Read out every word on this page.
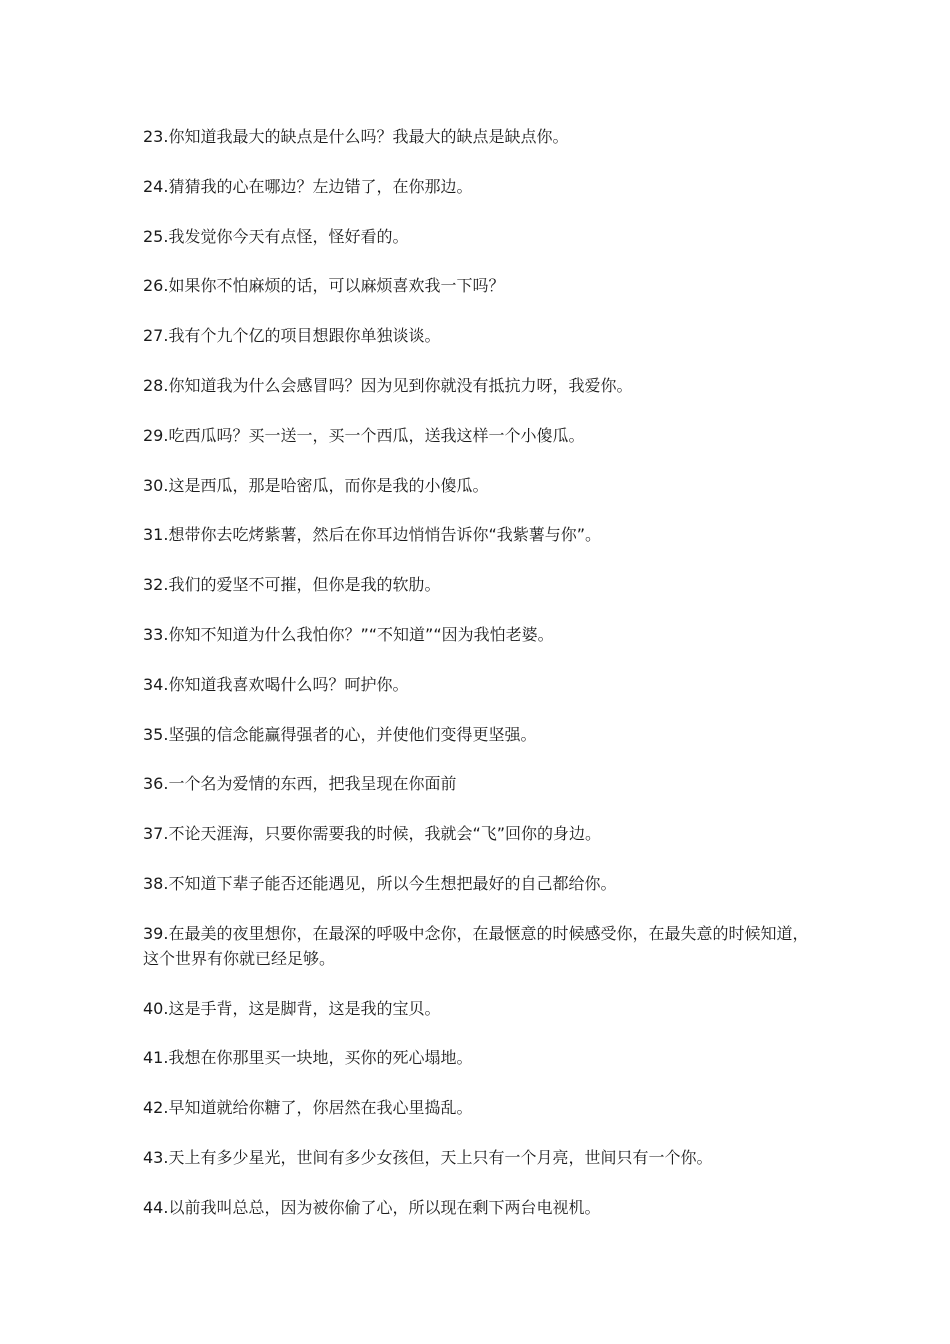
23.你知道我最大的缺点是什么吗？我最大的缺点是缺点你。

24.猜猜我的心在哪边？左边错了，在你那边。

25.我发觉你今天有点怪，怪好看的。

26.如果你不怕麻烦的话，可以麻烦喜欢我一下吗？

27.我有个九个亿的项目想跟你单独谈谈。

28.你知道我为什么会感冒吗？因为见到你就没有抵抗力呀，我爱你。

29.吃西瓜吗？买一送一，买一个西瓜，送我这样一个小傻瓜。

30.这是西瓜，那是哈密瓜，而你是我的小傻瓜。

31.想带你去吃烤紫薯，然后在你耳边悄悄告诉你“我紫薯与你”。

32.我们的爱坚不可摧，但你是我的软肋。

33.你知不知道为什么我怕你？”“不知道”“因为我怕老婆。

34.你知道我喜欢喝什么吗？呵护你。

35.坚强的信念能赢得强者的心，并使他们变得更坚强。

36.一个名为爱情的东西，把我呈现在你面前

37.不论天涯海，只要你需要我的时候，我就会“飞”回你的身边。

38.不知道下辈子能否还能遇见，所以今生想把最好的自己都给你。

39.在最美的夜里想你，在最深的呼吸中念你，在最惬意的时候感受你，在最失意的时候知道，这个世界有你就已经足够。

40.这是手背，这是脚背，这是我的宝贝。

41.我想在你那里买一块地，买你的死心塌地。

42.早知道就给你糖了，你居然在我心里捣乱。

43.天上有多少星光，世间有多少女孩但，天上只有一个月亮，世间只有一个你。

44.以前我叫总总，因为被你偷了心，所以现在剩下两台电视机。
